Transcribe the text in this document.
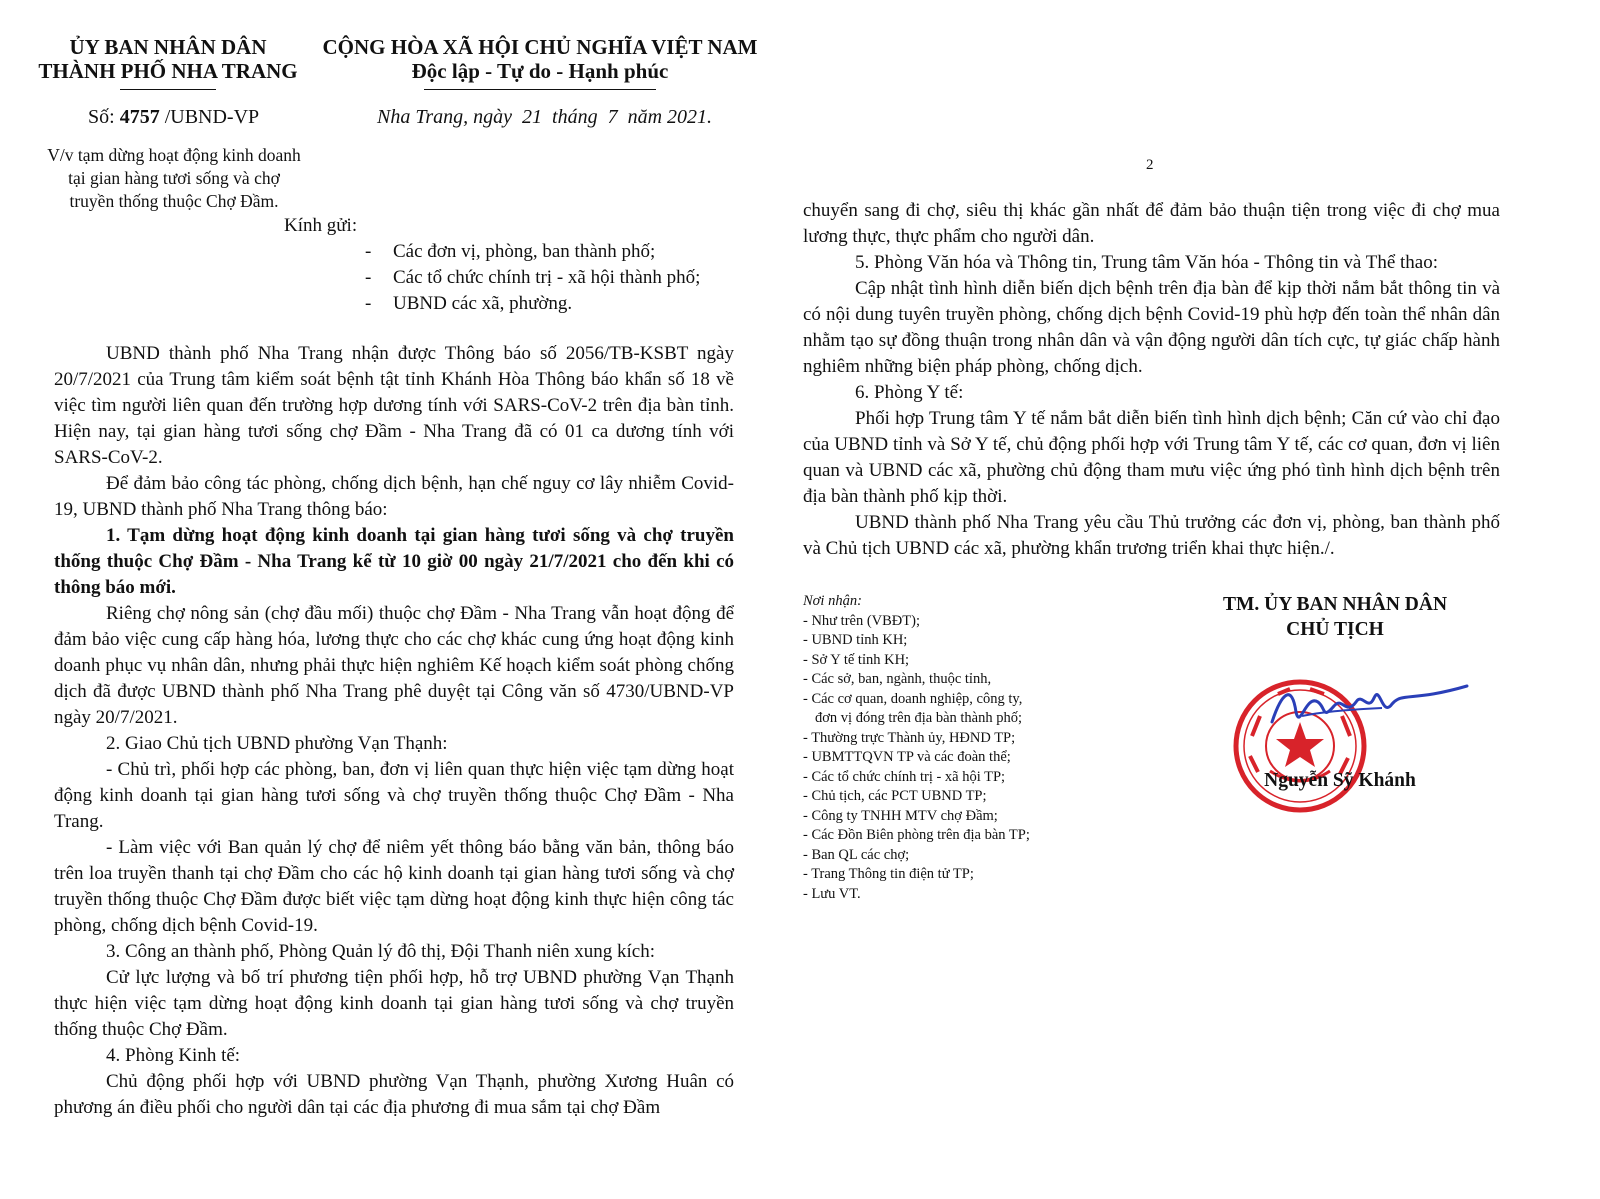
ỦY BAN NHÂN DÂN
THÀNH PHỐ NHA TRANG
CỘNG HÒA XÃ HỘI CHỦ NGHĨA VIỆT NAM
Độc lập - Tự do - Hạnh phúc
Số: 4757 /UBND-VP	Nha Trang, ngày  21  tháng  7  năm 2021.
V/v tạm dừng hoạt động kinh doanh
tại gian hàng tươi sống và chợ
truyền thống thuộc Chợ Đầm.
Kính gửi:
- Các đơn vị, phòng, ban thành phố;
- Các tổ chức chính trị - xã hội thành phố;
- UBND các xã, phường.

UBND thành phố Nha Trang nhận được Thông báo số 2056/TB-KSBT ngày 20/7/2021 của Trung tâm kiểm soát bệnh tật tỉnh Khánh Hòa Thông báo khẩn số 18 về việc tìm người liên quan đến trường hợp dương tính với SARS-CoV-2 trên địa bàn tỉnh. Hiện nay, tại gian hàng tươi sống chợ Đầm - Nha Trang đã có 01 ca dương tính với SARS-CoV-2.

Để đảm bảo công tác phòng, chống dịch bệnh, hạn chế nguy cơ lây nhiễm Covid-19, UBND thành phố Nha Trang thông báo:

1. Tạm dừng hoạt động kinh doanh tại gian hàng tươi sống và chợ truyền thống thuộc Chợ Đầm - Nha Trang kể từ 10 giờ 00 ngày 21/7/2021 cho đến khi có thông báo mới.

Riêng chợ nông sản (chợ đầu mối) thuộc chợ Đầm - Nha Trang vẫn hoạt động để đảm bảo việc cung cấp hàng hóa, lương thực cho các chợ khác cung ứng hoạt động kinh doanh phục vụ nhân dân, nhưng phải thực hiện nghiêm Kế hoạch kiểm soát phòng chống dịch đã được UBND thành phố Nha Trang phê duyệt tại Công văn số 4730/UBND-VP ngày 20/7/2021.

2. Giao Chủ tịch UBND phường Vạn Thạnh:

- Chủ trì, phối hợp các phòng, ban, đơn vị liên quan thực hiện việc tạm dừng hoạt động kinh doanh tại gian hàng tươi sống và chợ truyền thống thuộc Chợ Đầm - Nha Trang.

- Làm việc với Ban quản lý chợ để niêm yết thông báo bằng văn bản, thông báo trên loa truyền thanh tại chợ Đầm cho các hộ kinh doanh tại gian hàng tươi sống và chợ truyền thống thuộc Chợ Đầm được biết việc tạm dừng hoạt động kinh thực hiện công tác phòng, chống dịch bệnh Covid-19.

3. Công an thành phố, Phòng Quản lý đô thị, Đội Thanh niên xung kích:

Cử lực lượng và bố trí phương tiện phối hợp, hỗ trợ UBND phường Vạn Thạnh thực hiện việc tạm dừng hoạt động kinh doanh tại gian hàng tươi sống và chợ truyền thống thuộc Chợ Đầm.

4. Phòng Kinh tế:

Chủ động phối hợp với UBND phường Vạn Thạnh, phường Xương Huân có phương án điều phối cho người dân tại các địa phương đi mua sắm tại chợ Đầm

2

chuyển sang đi chợ, siêu thị khác gần nhất để đảm bảo thuận tiện trong việc đi chợ mua lương thực, thực phẩm cho người dân.

5. Phòng Văn hóa và Thông tin, Trung tâm Văn hóa - Thông tin và Thể thao:

Cập nhật tình hình diễn biến dịch bệnh trên địa bàn để kịp thời nắm bắt thông tin và có nội dung tuyên truyền phòng, chống dịch bệnh Covid-19 phù hợp đến toàn thể nhân dân nhằm tạo sự đồng thuận trong nhân dân và vận động người dân tích cực, tự giác chấp hành nghiêm những biện pháp phòng, chống dịch.

6. Phòng Y tế:

Phối hợp Trung tâm Y tế nắm bắt diễn biến tình hình dịch bệnh; Căn cứ vào chỉ đạo của UBND tỉnh và Sở Y tế, chủ động phối hợp với Trung tâm Y tế, các cơ quan, đơn vị liên quan và UBND các xã, phường chủ động tham mưu việc ứng phó tình hình dịch bệnh trên địa bàn thành phố kịp thời.

UBND thành phố Nha Trang yêu cầu Thủ trưởng các đơn vị, phòng, ban thành phố và Chủ tịch UBND các xã, phường khẩn trương triển khai thực hiện./.

Nơi nhận:
- Như trên (VBĐT);
- UBND tỉnh KH;
- Sở Y tế tỉnh KH;
- Các sở, ban, ngành, thuộc tỉnh,
- Các cơ quan, doanh nghiệp, công ty,
đơn vị đóng trên địa bàn thành phố;
- Thường trực Thành ủy, HĐND TP;
- UBMTTQVN TP và các đoàn thể;
- Các tổ chức chính trị - xã hội TP;
- Chủ tịch, các PCT UBND TP;
- Công ty TNHH MTV chợ Đầm;
- Các Đồn Biên phòng trên địa bàn TP;
- Ban QL các chợ;
- Trang Thông tin điện tử TP;
- Lưu VT.
TM. ỦY BAN NHÂN DÂN
CHỦ TỊCH
Nguyễn Sỹ Khánh
